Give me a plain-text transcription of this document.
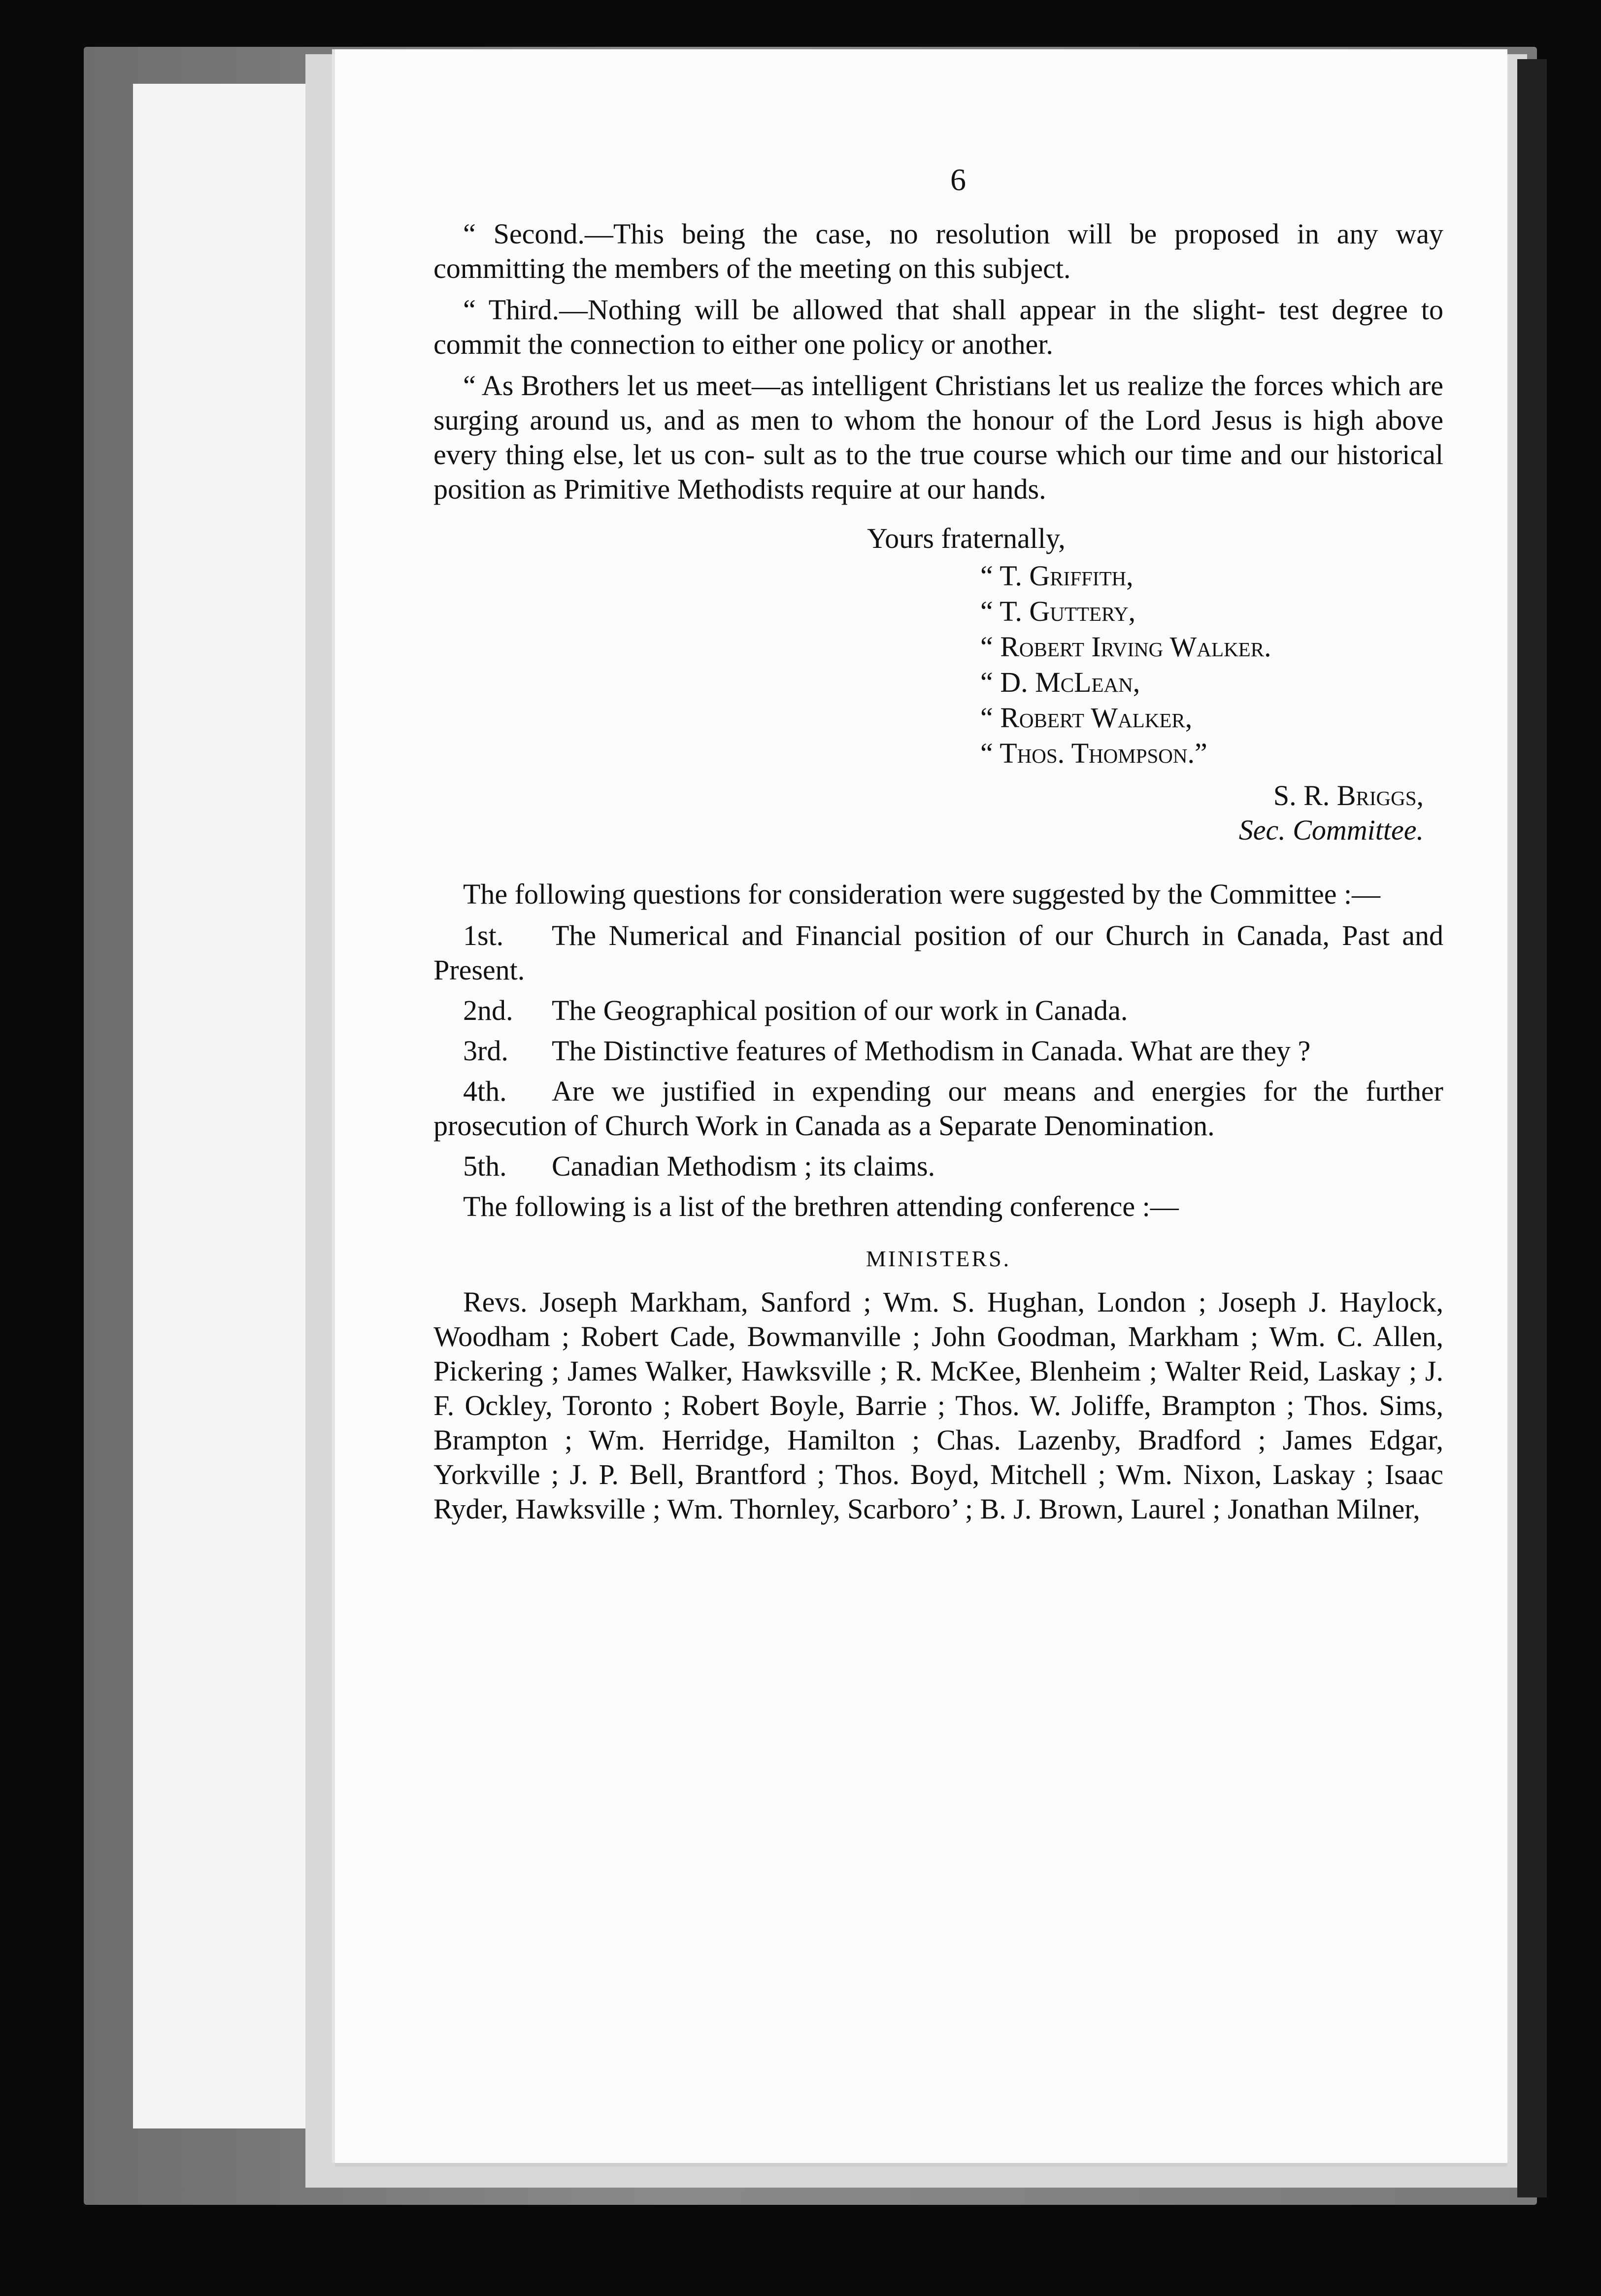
6

“ Second.—This being the case, no resolution will be proposed in any way committing the members of the meeting on this subject.

“ Third.—Nothing will be allowed that shall appear in the slight- test degree to commit the connection to either one policy or another.

“ As Brothers let us meet—as intelligent Christians let us realize the forces which are surging around us, and as men to whom the honour of the Lord Jesus is high above every thing else, let us con- sult as to the true course which our time and our historical position as Primitive Methodists require at our hands.

Yours fraternally,
“ T. Griffith,
“ T. Guttery,
“ Robert Irving Walker.
“ D. McLean,
“ Robert Walker,
“ Thos. Thompson.”
S. R. Briggs,
Sec. Committee.

The following questions for consideration were suggested by the Committee :—

1st. The Numerical and Financial position of our Church in Canada, Past and Present.

2nd. The Geographical position of our work in Canada.

3rd. The Distinctive features of Methodism in Canada. What are they ?

4th. Are we justified in expending our means and energies for the further prosecution of Church Work in Canada as a Separate Denomination.

5th. Canadian Methodism ; its claims.

The following is a list of the brethren attending conference :—

MINISTERS.

Revs. Joseph Markham, Sanford ; Wm. S. Hughan, London ; Joseph J. Haylock, Woodham ; Robert Cade, Bowmanville ; John Goodman, Markham ; Wm. C. Allen, Pickering ; James Walker, Hawksville ; R. McKee, Blenheim ; Walter Reid, Laskay ; J. F. Ockley, Toronto ; Robert Boyle, Barrie ; Thos. W. Joliffe, Brampton ; Thos. Sims, Brampton ; Wm. Herridge, Hamilton ; Chas. Lazenby, Bradford ; James Edgar, Yorkville ; J. P. Bell, Brantford ; Thos. Boyd, Mitchell ; Wm. Nixon, Laskay ; Isaac Ryder, Hawksville ; Wm. Thornley, Scarboro’ ; B. J. Brown, Laurel ; Jonathan Milner,
